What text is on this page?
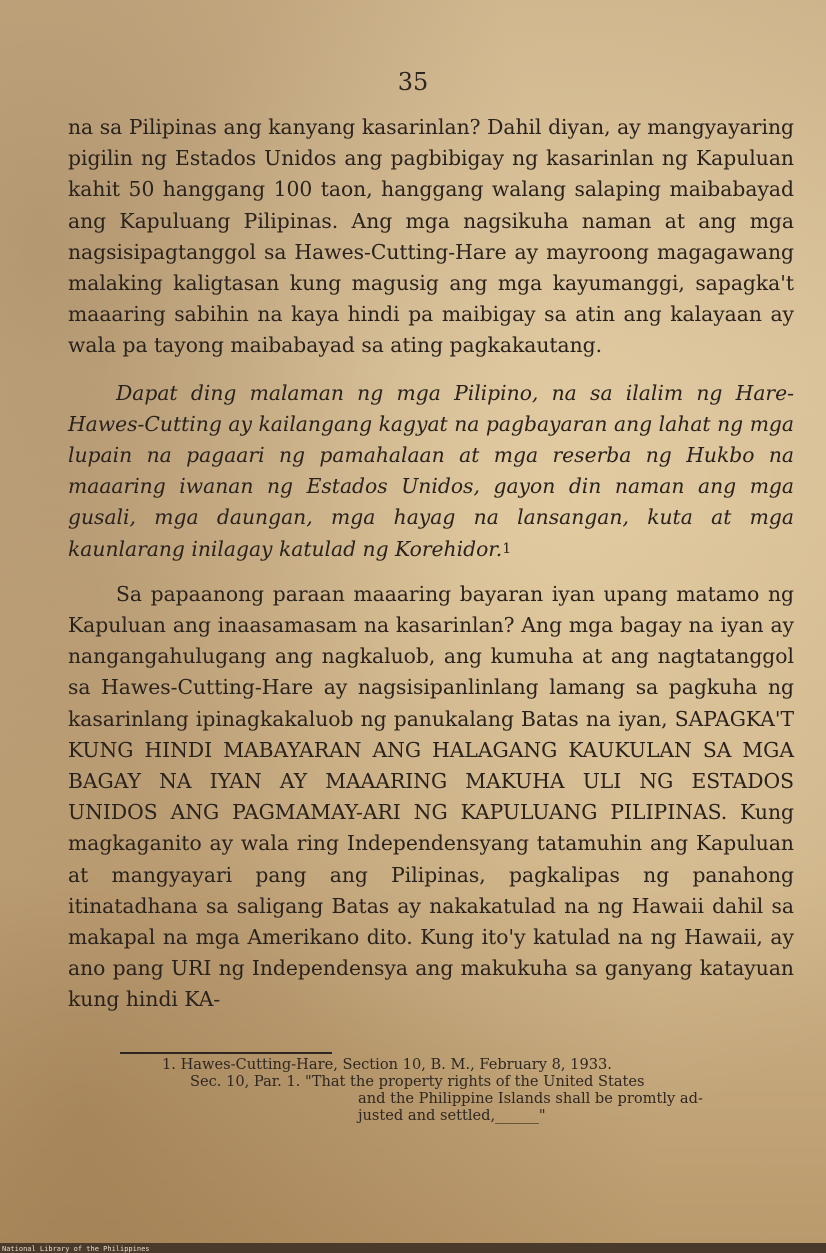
35

na sa Pilipinas ang kanyang kasarinlan? Dahil diyan, ay mangyayaring pigilin ng Estados Unidos ang pagbibigay ng kasarinlan ng Kapuluan kahit 50 hanggang 100 taon, hanggang walang salaping maibabayad ang Kapuluang Pilipinas. Ang mga nagsikuha naman at ang mga nagsisipagtanggol sa Hawes-Cutting-Hare ay mayroong magagawang malaking kaligtasan kung magusig ang mga kayumanggi, sapagka't maaaring sabihin na kaya hindi pa maibigay sa atin ang kalayaan ay wala pa tayong maibabayad sa ating pagkakautang.

Dapat ding malaman ng mga Pilipino, na sa ilalim ng Hare-Hawes-Cutting ay kailangang kagyat na pagbayaran ang lahat ng mga lupain na pagaari ng pamahalaan at mga reserba ng Hukbo na maaaring iwanan ng Estados Unidos, gayon din naman ang mga gusali, mga daungan, mga hayag na lansangan, kuta at mga kaunlarang inilagay katulad ng Korehidor.1

Sa papaanong paraan maaaring bayaran iyan upang matamo ng Kapuluan ang inaasamasam na kasarinlan? Ang mga bagay na iyan ay nangangahulugang ang nagkaluob, ang kumuha at ang nagtatanggol sa Hawes-Cutting-Hare ay nagsisipanlinlang lamang sa pagkuha ng kasarinlang ipinagkakaluob ng panukalang Batas na iyan, SAPAGKA'T KUNG HINDI MABAYARAN ANG HALAGANG KAUKULAN SA MGA BAGAY NA IYAN AY MAAARING MAKUHA ULI NG ESTADOS UNIDOS ANG PAGMAMAY-ARI NG KAPULUANG PILIPINAS. Kung magkaganito ay wala ring Independensyang tatamuhin ang Kapuluan at mangyayari pang ang Pilipinas, pagkalipas ng panahong itinatadhana sa saligang Batas ay nakakatulad na ng Hawaii dahil sa makapal na mga Amerikano dito. Kung ito'y katulad na ng Hawaii, ay ano pang URI ng Independensya ang makukuha sa ganyang katayuan kung hindi KA-

1. Hawes-Cutting-Hare, Section 10, B. M., February 8, 1933.
Sec. 10, Par. 1. "That the property rights of the United States
and the Philippine Islands shall be promtly ad-
justed and settled,______"
National Library of the Philippines
